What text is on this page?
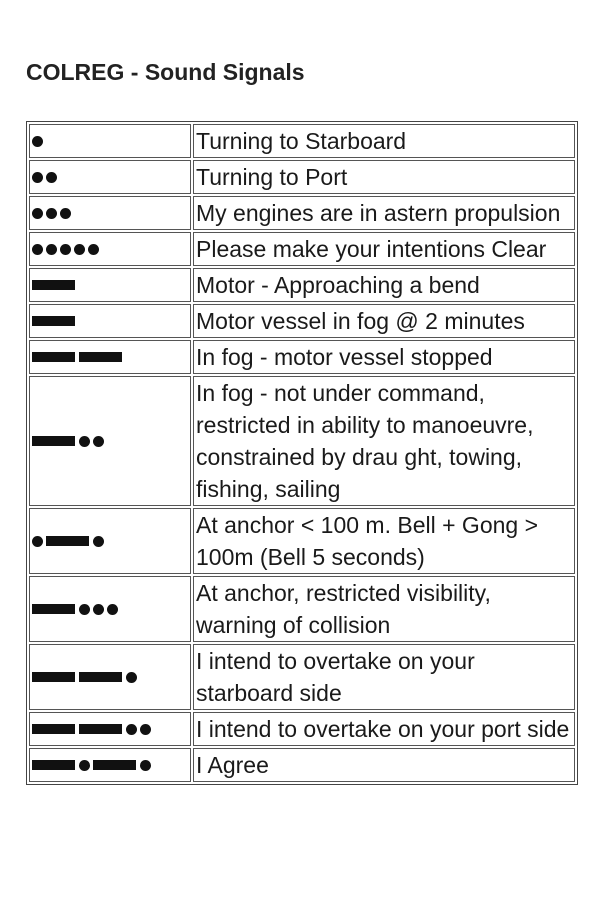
COLREG - Sound Signals
	Turning to Starboard

	Turning to Port

	My engines are in astern propulsion

	Please make your intentions Clear

	Motor - Approaching a bend

	Motor vessel in fog @ 2 minutes

	In fog - motor vessel stopped

	In fog - not under command, restricted in ability to manoeuvre, constrained by drau ght, towing, fishing, sailing

	At anchor < 100 m. Bell + Gong > 100m (Bell 5 seconds)

	At anchor, restricted visibility, warning of collision

	I intend to overtake on your starboard side

	I intend to overtake on your port side

	I Agree
